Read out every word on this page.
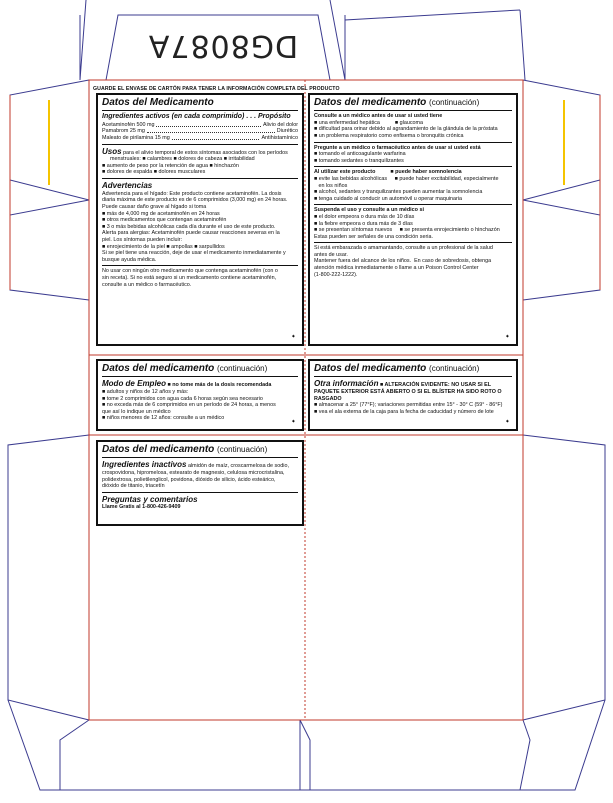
DG8087A
GUARDE EL ENVASE DE CARTÓN PARA TENER LA INFORMACIÓN COMPLETA DEL PRODUCTO
Datos del Medicamento
Ingredientes activos (en cada comprimido) . . . Propósito
Acetaminofén 500 mg	Alivio del dolor
Pamabrom 25 mg	Diurético
Maleato de pirilamina 15 mg	Antihistamínico
Usos para el alivio temporal de estos síntomas asociados con los períodos
menstruales: ■ calambres ■ dolores de cabeza ■ irritabilidad
■ aumento de peso por la retención de agua ■ hinchazón
■ dolores de espalda ■ dolores musculares
Advertencias
Advertencia para el hígado: Este producto contiene acetaminofén. La dosis
diaria máxima de este producto es de 6 comprimidos (3,000 mg) en 24 horas.
Puede causar daño grave al hígado si toma
■ más de 4,000 mg de acetaminofén en 24 horas
■ otros medicamentos que contengan acetaminofén
■ 3 o más bebidas alcohólicas cada día durante el uso de este producto.
Alerta para alergias: Acetaminofén puede causar reacciones severas en la
piel. Los síntomas pueden incluir:
■ enrojecimiento de la piel ■ ampollas ■ sarpullidos
Si se piel tiene una reacción, deje de usar el medicamento inmediatamente y
busque ayuda médica.
No usar con ningún otro medicamento que contenga acetaminofén (con o
sin receta). Si no está seguro si un medicamento contiene acetaminofén,
consulte a un médico o farmacéutico.
➧
Datos del medicamento (continuación)
Consulte a un médico antes de usar si usted tiene
■ una enfermedad hepática          ■ glaucoma
■ dificultad para orinar debido al agrandamiento de la glándula de la próstata
■ un problema respiratorio como enfisema o bronquitis crónica
Pregunte a un médico o farmacéutico antes de usar si usted está
■ tomando el anticoagulante warfarina
■ tomando sedantes o tranquilizantes
Al utilizar este producto          ■ puede haber somnolencia
■ evite las bebidas alcohólicas     ■ puede haber excitabilidad, especialmente
en los niños
■ alcohol, sedantes y tranquilizantes pueden aumentar la somnolencia
■ tenga cuidado al conducir un automóvil u operar maquinaria
Suspenda el uso y consulte a un médico si
■ el dolor empeora o dura más de 10 días
■ la fiebre empeora o dura más de 3 días
■ se presentan síntomas nuevos     ■ se presenta enrojecimiento o hinchazón
Estas pueden ser señales de una condición seria.
Si está embarazada o amamantando, consulte a un profesional de la salud
antes de usar.
Mantener fuera del alcance de los niños.  En caso de sobredosis, obtenga
atención médica inmediatamente o llame a un Poison Control Center
(1-800-222-1222).
➧
Datos del medicamento (continuación)
Modo de Empleo ■ no tome más de la dosis recomendada
■ adultos y niños de 12 años y más:
■ tome 2 comprimidos con agua cada 6 horas según sea necesario
■ no exceda más de 6 comprimidos en un período de 24 horas, a menos
que así lo indique un médico
■ niños menores de 12 años: consulte a un médico
➧
Datos del medicamento (continuación)
Otra información ■ ALTERACIÓN EVIDENTE: NO USAR SI EL
PAQUETE EXTERIOR ESTÁ ABIERTO O SI EL BLÍSTER HA SIDO ROTO O
RASGADO
■ almacenar a 25° (77°F); variaciones permitidas entre 15° - 30° C (59° - 86°F)
■ vea el ala externa de la caja para la fecha de caducidad y número de lote
➧
Datos del medicamento (continuación)
Ingredientes inactivos almidón de maíz, croscarmelosa de sodio,
crospovidona, hipromelosa, estearato de magnesio, celulosa microcristalina,
polidextrosa, polietilenglicol, povidona, dióxido de silicio, ácido esteárico,
dióxido de titanio, triacetín
Preguntas y comentarios
Llame Gratis al 1-800-426-9409
